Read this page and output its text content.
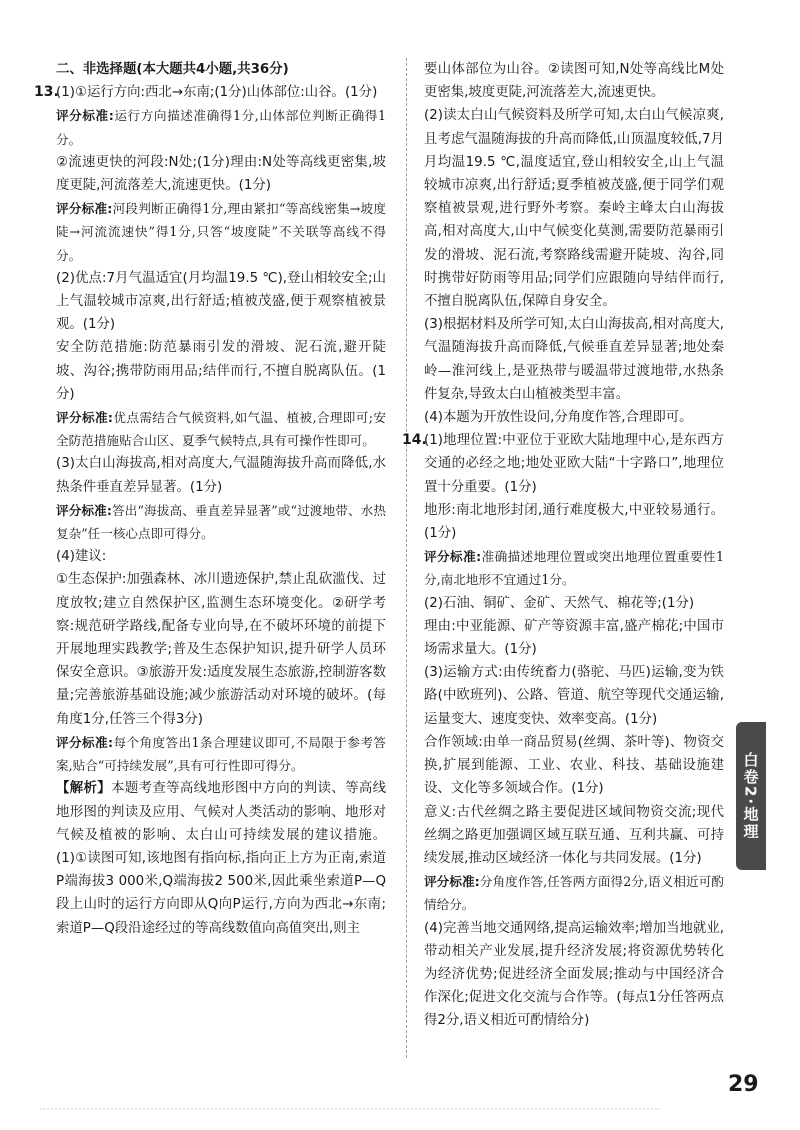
二、非选择题(本大题共4小题,共36分)

13.

(1)①运行方向:西北→东南;(1分)山体部位:山谷。(1分)

评分标准:运行方向描述准确得1分,山体部位判断正确得1分。

②流速更快的河段:N处;(1分)理由:N处等高线更密集,坡度更陡,河流落差大,流速更快。(1分)

评分标准:河段判断正确得1分,理由紧扣“等高线密集→坡度陡→河流流速快”得1分,只答“坡度陡”不关联等高线不得分。

(2)优点:7月气温适宜(月均温19.5 ℃),登山相较安全;山上气温较城市凉爽,出行舒适;植被茂盛,便于观察植被景观。(1分)

安全防范措施:防范暴雨引发的滑坡、泥石流,避开陡坡、沟谷;携带防雨用品;结伴而行,不擅自脱离队伍。(1分)

评分标准:优点需结合气候资料,如气温、植被,合理即可;安全防范措施贴合山区、夏季气候特点,具有可操作性即可。

(3)太白山海拔高,相对高度大,气温随海拔升高而降低,水热条件垂直差异显著。(1分)

评分标准:答出“海拔高、垂直差异显著”或“过渡地带、水热复杂”任一核心点即可得分。

(4)建议:

①生态保护:加强森林、冰川遗迹保护,禁止乱砍滥伐、过度放牧;建立自然保护区,监测生态环境变化。②研学考察:规范研学路线,配备专业向导,在不破坏环境的前提下开展地理实践教学;普及生态保护知识,提升研学人员环保安全意识。③旅游开发:适度发展生态旅游,控制游客数量;完善旅游基础设施;减少旅游活动对环境的破坏。(每角度1分,任答三个得3分)

评分标准:每个角度答出1条合理建议即可,不局限于参考答案,贴合“可持续发展”,具有可行性即可得分。

【解析】本题考查等高线地形图中方向的判读、等高线地形图的判读及应用、气候对人类活动的影响、地形对气候及植被的影响、太白山可持续发展的建议措施。(1)①读图可知,该地图有指向标,指向正上方为正南,索道P端海拔3 000米,Q端海拔2 500米,因此乘坐索道P—Q段上山时的运行方向即从Q向P运行,方向为西北→东南;索道P—Q段沿途经过的等高线数值向高值突出,则主

要山体部位为山谷。②读图可知,N处等高线比M处更密集,坡度更陡,河流落差大,流速更快。

(2)读太白山气候资料及所学可知,太白山气候凉爽,且考虑气温随海拔的升高而降低,山顶温度较低,7月月均温19.5 ℃,温度适宜,登山相较安全,山上气温较城市凉爽,出行舒适;夏季植被茂盛,便于同学们观察植被景观,进行野外考察。秦岭主峰太白山海拔高,相对高度大,山中气候变化莫测,需要防范暴雨引发的滑坡、泥石流,考察路线需避开陡坡、沟谷,同时携带好防雨等用品;同学们应跟随向导结伴而行,不擅自脱离队伍,保障自身安全。

(3)根据材料及所学可知,太白山海拔高,相对高度大,气温随海拔升高而降低,气候垂直差异显著;地处秦岭—淮河线上,是亚热带与暖温带过渡地带,水热条件复杂,导致太白山植被类型丰富。

(4)本题为开放性设问,分角度作答,合理即可。

14.

(1)地理位置:中亚位于亚欧大陆地理中心,是东西方交通的必经之地;地处亚欧大陆“十字路口”,地理位置十分重要。(1分)

地形:南北地形封闭,通行难度极大,中亚较易通行。(1分)

评分标准:准确描述地理位置或突出地理位置重要性1分,南北地形不宜通过1分。

(2)石油、铜矿、金矿、天然气、棉花等;(1分)

理由:中亚能源、矿产等资源丰富,盛产棉花;中国市场需求量大。(1分)

(3)运输方式:由传统畜力(骆驼、马匹)运输,变为铁路(中欧班列)、公路、管道、航空等现代交通运输,运量变大、速度变快、效率变高。(1分)

合作领域:由单一商品贸易(丝绸、茶叶等)、物资交换,扩展到能源、工业、农业、科技、基础设施建设、文化等多领域合作。(1分)

意义:古代丝绸之路主要促进区域间物资交流;现代丝绸之路更加强调区域互联互通、互利共赢、可持续发展,推动区域经济一体化与共同发展。(1分)

评分标准:分角度作答,任答两方面得2分,语义相近可酌情给分。

(4)完善当地交通网络,提高运输效率;增加当地就业,带动相关产业发展,提升经济发展;将资源优势转化为经济优势;促进经济全面发展;推动与中国经济合作深化;促进文化交流与合作等。(每点1分任答两点得2分,语义相近可酌情给分)

白卷2·地理
29
